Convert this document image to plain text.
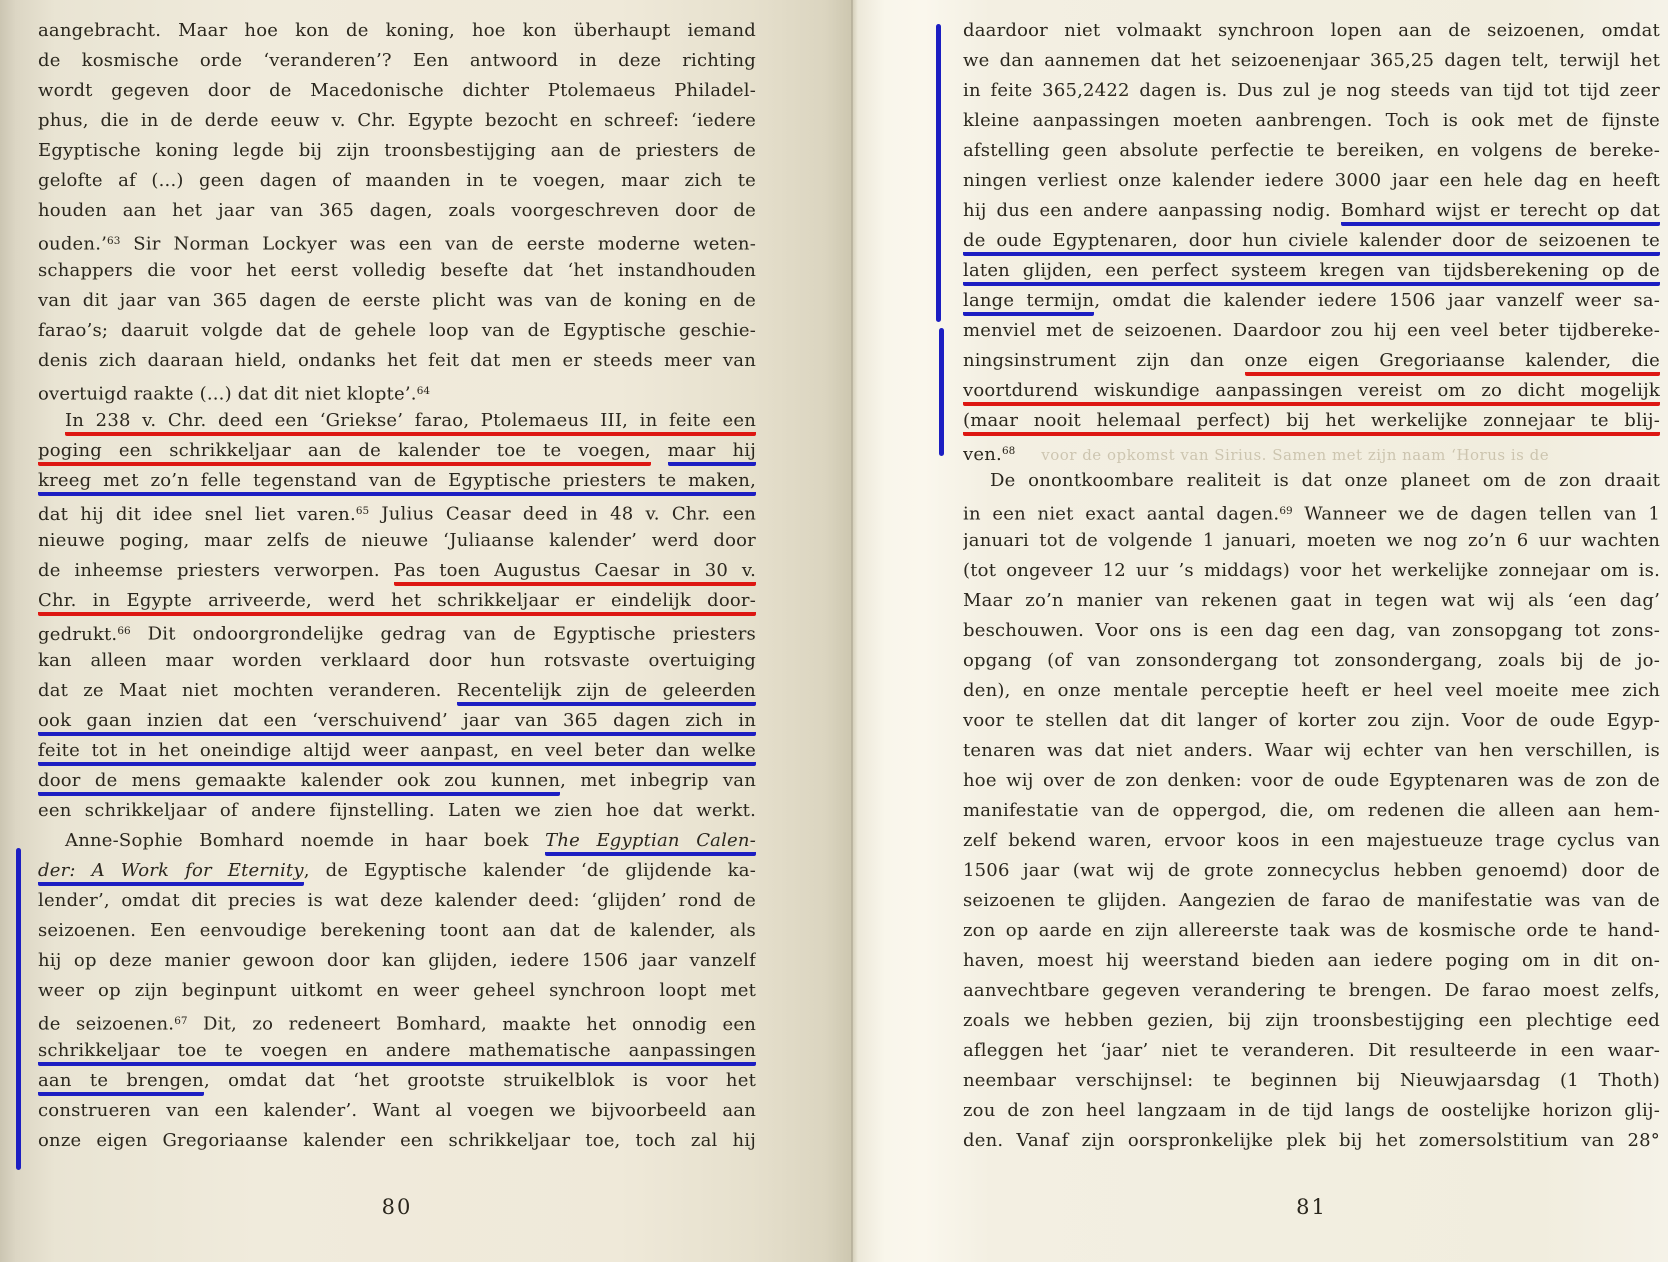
aangebracht. Maar hoe kon de koning, hoe kon überhaupt iemand
de kosmische orde ‘veranderen’? Een antwoord in deze richting
wordt gegeven door de Macedonische dichter Ptolemaeus Philadel-
phus, die in de derde eeuw v. Chr. Egypte bezocht en schreef: ‘iedere
Egyptische koning legde bij zijn troonsbestijging aan de priesters de
gelofte af (...) geen dagen of maanden in te voegen, maar zich te
houden aan het jaar van 365 dagen, zoals voorgeschreven door de
ouden.’$^{63}$ Sir Norman Lockyer was een van de eerste moderne weten-
schappers die voor het eerst volledig besefte dat ‘het instandhouden
van dit jaar van 365 dagen de eerste plicht was van de koning en de
farao’s; daaruit volgde dat de gehele loop van de Egyptische geschie-
denis zich daaraan hield, ondanks het feit dat men er steeds meer van
overtuigd raakte (...) dat dit niet klopte’.$^{64}$
In 238 v. Chr. deed een ‘Griekse’ farao, Ptolemaeus III, in feite een
poging een schrikkeljaar aan de kalender toe te voegen, maar hij
kreeg met zo’n felle tegenstand van de Egyptische priesters te maken,
dat hij dit idee snel liet varen.$^{65}$ Julius Ceasar deed in 48 v. Chr. een
nieuwe poging, maar zelfs de nieuwe ‘Juliaanse kalender’ werd door
de inheemse priesters verworpen. Pas toen Augustus Caesar in 30 v.
Chr. in Egypte arriveerde, werd het schrikkeljaar er eindelijk door-
gedrukt.$^{66}$ Dit ondoorgrondelijke gedrag van de Egyptische priesters
kan alleen maar worden verklaard door hun rotsvaste overtuiging
dat ze Maat niet mochten veranderen. Recentelijk zijn de geleerden
ook gaan inzien dat een ‘verschuivend’ jaar van 365 dagen zich in
feite tot in het oneindige altijd weer aanpast, en veel beter dan welke
door de mens gemaakte kalender ook zou kunnen, met inbegrip van
een schrikkeljaar of andere fijnstelling. Laten we zien hoe dat werkt.
Anne-Sophie Bomhard noemde in haar boek The Egyptian Calen-
der: A Work for Eternity, de Egyptische kalender ‘de glijdende ka-
lender’, omdat dit precies is wat deze kalender deed: ‘glijden’ rond de
seizoenen. Een eenvoudige berekening toont aan dat de kalender, als
hij op deze manier gewoon door kan glijden, iedere 1506 jaar vanzelf
weer op zijn beginpunt uitkomt en weer geheel synchroon loopt met
de seizoenen.$^{67}$ Dit, zo redeneert Bomhard, maakte het onnodig een
schrikkeljaar toe te voegen en andere mathematische aanpassingen
aan te brengen, omdat dat ‘het grootste struikelblok is voor het
construeren van een kalender’. Want al voegen we bijvoorbeeld aan
onze eigen Gregoriaanse kalender een schrikkeljaar toe, toch zal hij
daardoor niet volmaakt synchroon lopen aan de seizoenen, omdat
we dan aannemen dat het seizoenenjaar 365,25 dagen telt, terwijl het
in feite 365,2422 dagen is. Dus zul je nog steeds van tijd tot tijd zeer
kleine aanpassingen moeten aanbrengen. Toch is ook met de fijnste
afstelling geen absolute perfectie te bereiken, en volgens de bereke-
ningen verliest onze kalender iedere 3000 jaar een hele dag en heeft
hij dus een andere aanpassing nodig. Bomhard wijst er terecht op dat
de oude Egyptenaren, door hun civiele kalender door de seizoenen te
laten glijden, een perfect systeem kregen van tijdsberekening op de
lange termijn, omdat die kalender iedere 1506 jaar vanzelf weer sa-
menviel met de seizoenen. Daardoor zou hij een veel beter tijdbereke-
ningsinstrument zijn dan onze eigen Gregoriaanse kalender, die
voortdurend wiskundige aanpassingen vereist om zo dicht mogelijk
(maar nooit helemaal perfect) bij het werkelijke zonnejaar te blij-
ven.$^{68}$ voor de opkomst van Sirius. Samen met zijn naam ‘Horus is de
De onontkoombare realiteit is dat onze planeet om de zon draait
in een niet exact aantal dagen.$^{69}$ Wanneer we de dagen tellen van 1
januari tot de volgende 1 januari, moeten we nog zo’n 6 uur wachten
(tot ongeveer 12 uur ’s middags) voor het werkelijke zonnejaar om is.
Maar zo’n manier van rekenen gaat in tegen wat wij als ‘een dag’
beschouwen. Voor ons is een dag een dag, van zonsopgang tot zons-
opgang (of van zonsondergang tot zonsondergang, zoals bij de jo-
den), en onze mentale perceptie heeft er heel veel moeite mee zich
voor te stellen dat dit langer of korter zou zijn. Voor de oude Egyp-
tenaren was dat niet anders. Waar wij echter van hen verschillen, is
hoe wij over de zon denken: voor de oude Egyptenaren was de zon de
manifestatie van de oppergod, die, om redenen die alleen aan hem-
zelf bekend waren, ervoor koos in een majestueuze trage cyclus van
1506 jaar (wat wij de grote zonnecyclus hebben genoemd) door de
seizoenen te glijden. Aangezien de farao de manifestatie was van de
zon op aarde en zijn allereerste taak was de kosmische orde te hand-
haven, moest hij weerstand bieden aan iedere poging om in dit on-
aanvechtbare gegeven verandering te brengen. De farao moest zelfs,
zoals we hebben gezien, bij zijn troonsbestijging een plechtige eed
afleggen het ‘jaar’ niet te veranderen. Dit resulteerde in een waar-
neembaar verschijnsel: te beginnen bij Nieuwjaarsdag (1 Thoth)
zou de zon heel langzaam in de tijd langs de oostelijke horizon glij-
den. Vanaf zijn oorspronkelijke plek bij het zomersolstitium van 28°
80	81
